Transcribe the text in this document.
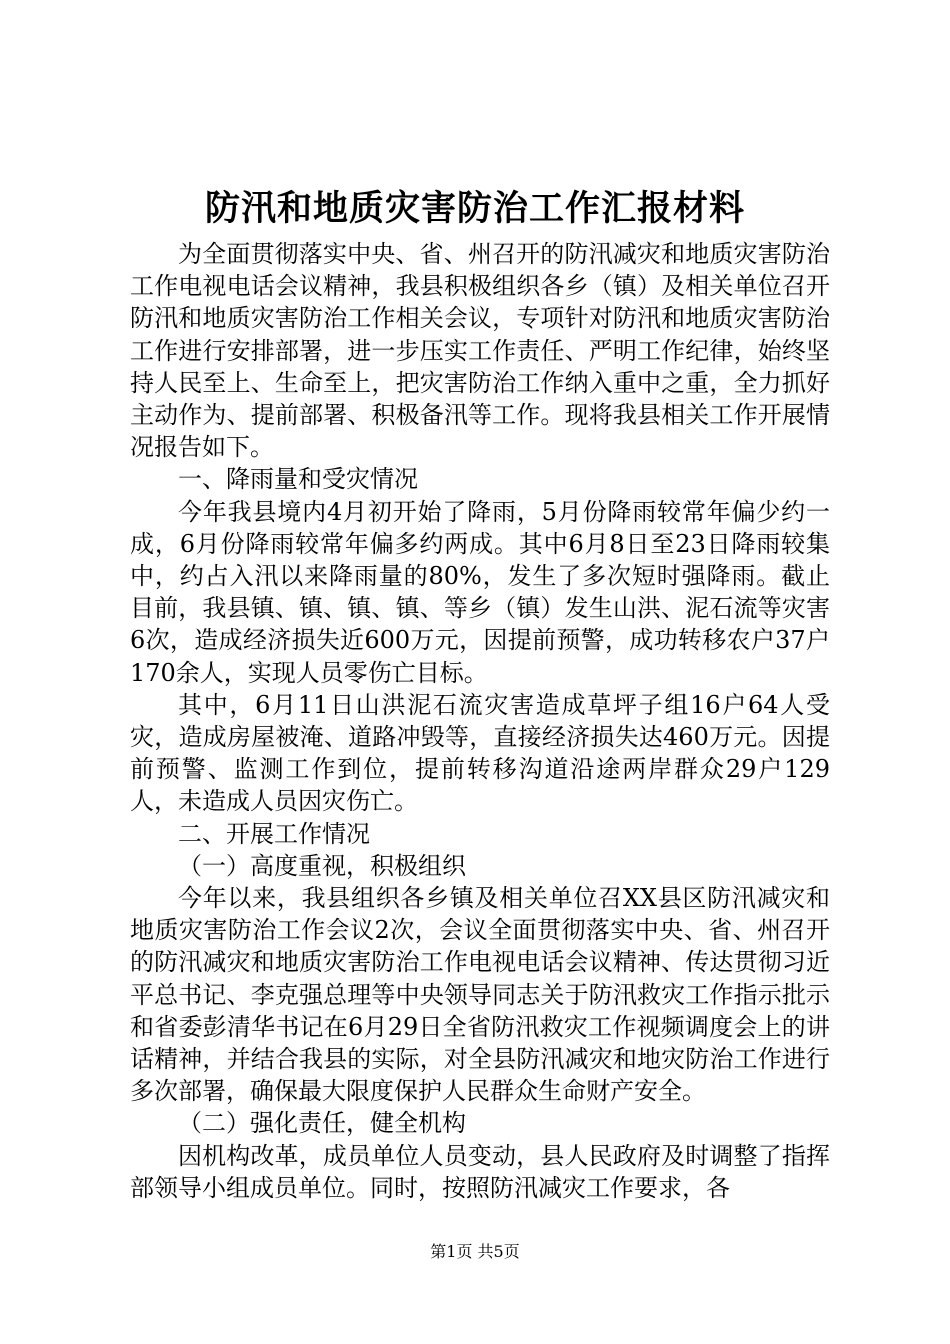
防汛和地质灾害防治工作汇报材料

为全面贯彻落实中央、省、州召开的防汛减灾和地质灾害防治工作电视电话会议精神，我县积极组织各乡（镇）及相关单位召开防汛和地质灾害防治工作相关会议，专项针对防汛和地质灾害防治工作进行安排部署，进一步压实工作责任、严明工作纪律，始终坚持人民至上、生命至上，把灾害防治工作纳入重中之重，全力抓好主动作为、提前部署、积极备汛等工作。现将我县相关工作开展情况报告如下。

一、降雨量和受灾情况

今年我县境内4月初开始了降雨，5月份降雨较常年偏少约一成，6月份降雨较常年偏多约两成。其中6月8日至23日降雨较集中，约占入汛以来降雨量的80%，发生了多次短时强降雨。截止目前，我县镇、镇、镇、镇、等乡（镇）发生山洪、泥石流等灾害6次，造成经济损失近600万元，因提前预警，成功转移农户37户170余人，实现人员零伤亡目标。

其中，6月11日山洪泥石流灾害造成草坪子组16户64人受灾，造成房屋被淹、道路冲毁等，直接经济损失达460万元。因提前预警、监测工作到位，提前转移沟道沿途两岸群众29户129人，未造成人员因灾伤亡。

二、开展工作情况

（一）高度重视，积极组织

今年以来，我县组织各乡镇及相关单位召XX县区防汛减灾和地质灾害防治工作会议2次，会议全面贯彻落实中央、省、州召开的防汛减灾和地质灾害防治工作电视电话会议精神、传达贯彻习近平总书记、李克强总理等中央领导同志关于防汛救灾工作指示批示和省委彭清华书记在6月29日全省防汛救灾工作视频调度会上的讲话精神，并结合我县的实际，对全县防汛减灾和地灾防治工作进行多次部署，确保最大限度保护人民群众生命财产安全。

（二）强化责任，健全机构

因机构改革，成员单位人员变动，县人民政府及时调整了指挥部领导小组成员单位。同时，按照防汛减灾工作要求，各

第1页 共5页
